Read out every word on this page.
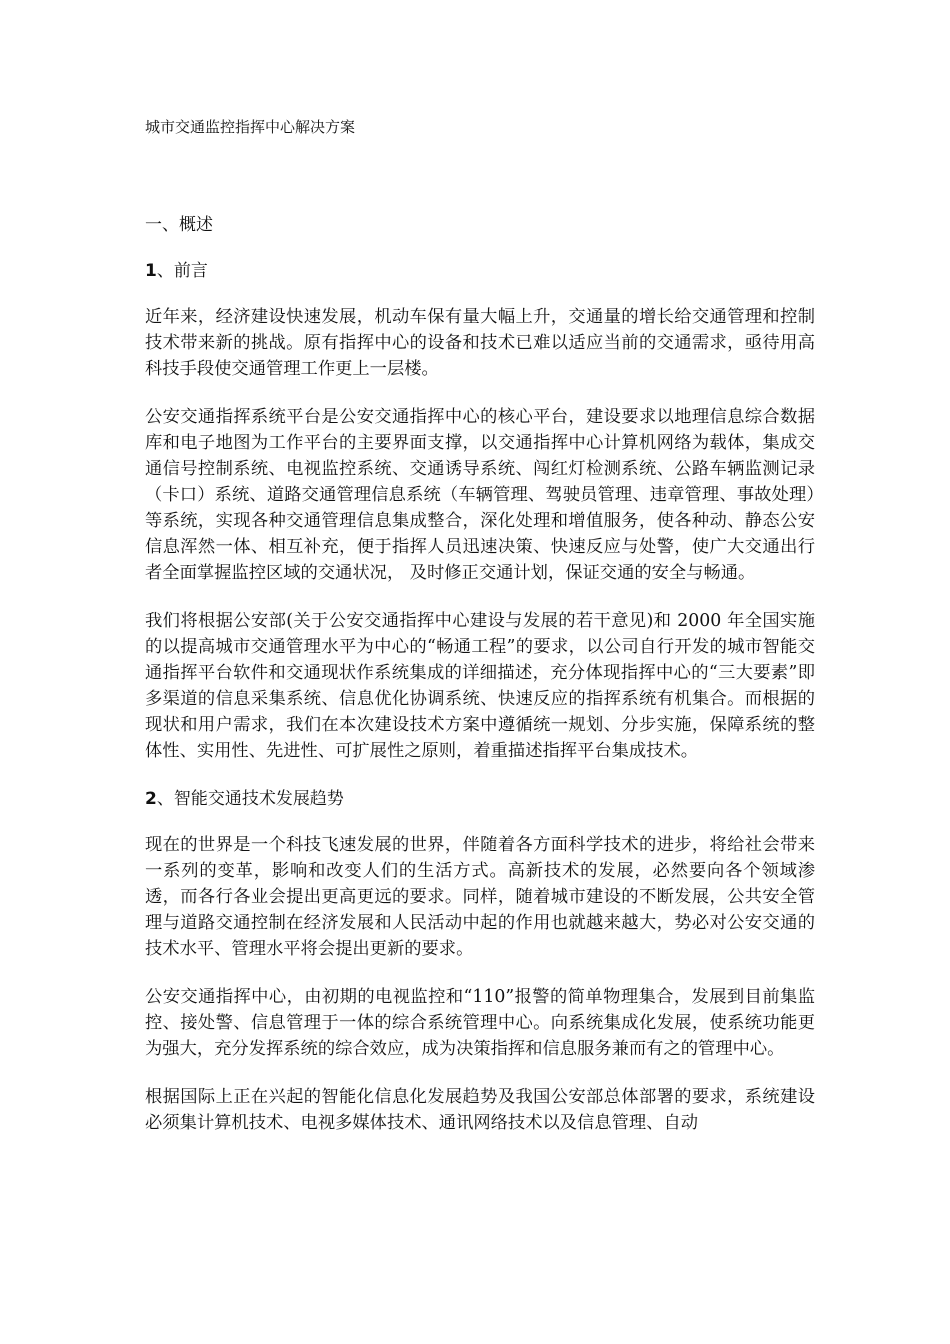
城市交通监控指挥中心解决方案
一、概述
1、前言

近年来，经济建设快速发展，机动车保有量大幅上升，交通量的增长给交通管理和控制技术带来新的挑战。原有指挥中心的设备和技术已难以适应当前的交通需求，亟待用高科技手段使交通管理工作更上一层楼。

公安交通指挥系统平台是公安交通指挥中心的核心平台，建设要求以地理信息综合数据库和电子地图为工作平台的主要界面支撑，以交通指挥中心计算机网络为载体，集成交通信号控制系统、电视监控系统、交通诱导系统、闯红灯检测系统、公路车辆监测记录（卡口）系统、道路交通管理信息系统（车辆管理、驾驶员管理、违章管理、事故处理）等系统，实现各种交通管理信息集成整合，深化处理和增值服务，使各种动、静态公安信息浑然一体、相互补充，便于指挥人员迅速决策、快速反应与处警，使广大交通出行者全面掌握监控区域的交通状况， 及时修正交通计划，保证交通的安全与畅通。

我们将根据公安部(关于公安交通指挥中心建设与发展的若干意见)和 2000 年全国实施的以提高城市交通管理水平为中心的“畅通工程”的要求，以公司自行开发的城市智能交通指挥平台软件和交通现状作系统集成的详细描述，充分体现指挥中心的“三大要素”即多渠道的信息采集系统、信息优化协调系统、快速反应的指挥系统有机集合。而根据的现状和用户需求，我们在本次建设技术方案中遵循统一规划、分步实施，保障系统的整体性、实用性、先进性、可扩展性之原则，着重描述指挥平台集成技术。

2、智能交通技术发展趋势

现在的世界是一个科技飞速发展的世界，伴随着各方面科学技术的进步，将给社会带来一系列的变革，影响和改变人们的生活方式。高新技术的发展，必然要向各个领域渗透，而各行各业会提出更高更远的要求。同样，随着城市建设的不断发展，公共安全管理与道路交通控制在经济发展和人民活动中起的作用也就越来越大，势必对公安交通的技术水平、管理水平将会提出更新的要求。

公安交通指挥中心，由初期的电视监控和“110”报警的简单物理集合，发展到目前集监控、接处警、信息管理于一体的综合系统管理中心。向系统集成化发展，使系统功能更为强大，充分发挥系统的综合效应，成为决策指挥和信息服务兼而有之的管理中心。

根据国际上正在兴起的智能化信息化发展趋势及我国公安部总体部署的要求，系统建设必须集计算机技术、电视多媒体技术、通讯网络技术以及信息管理、自动
